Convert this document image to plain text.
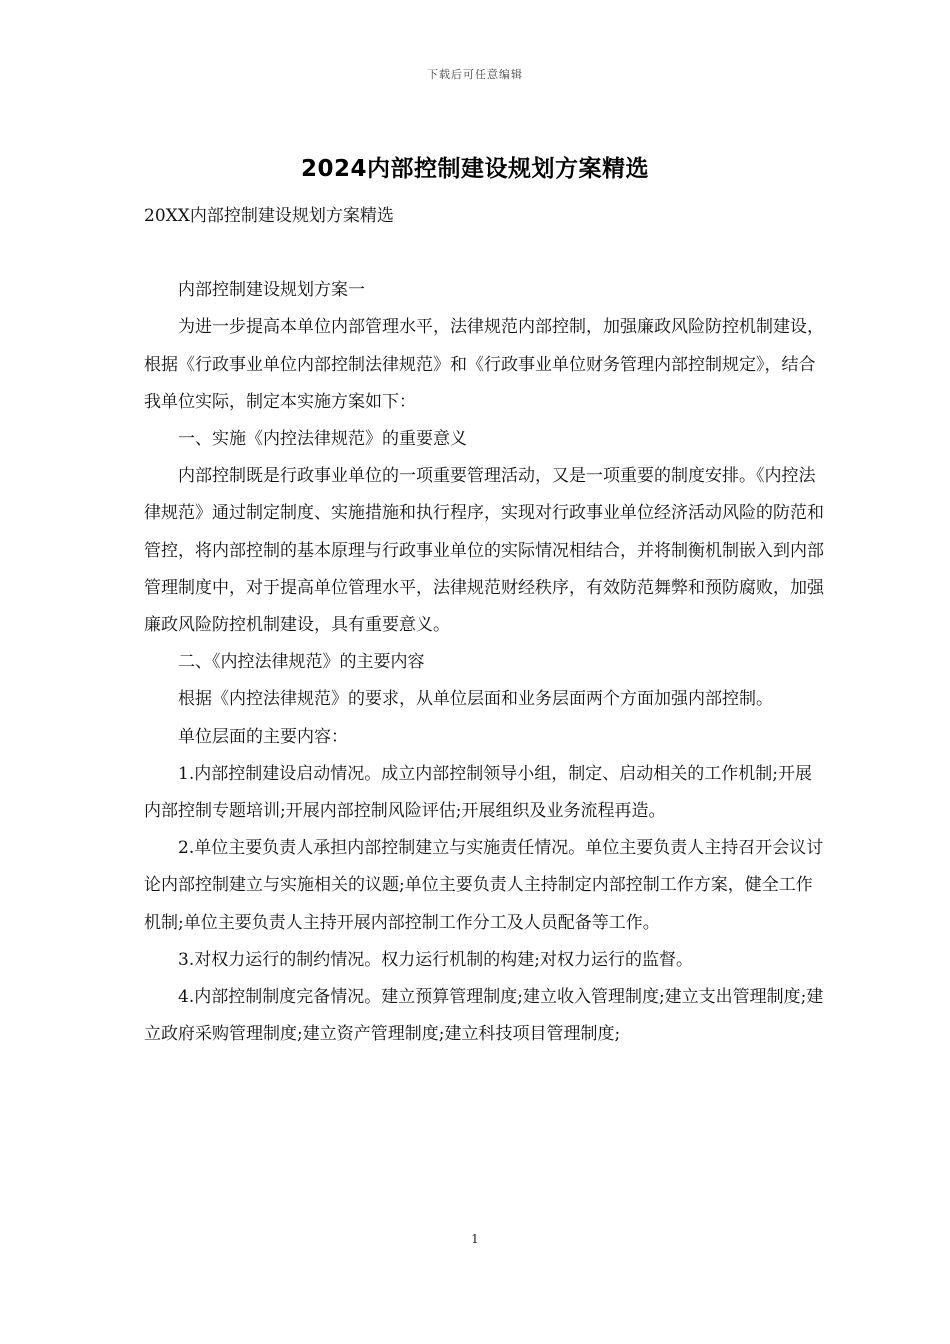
下载后可任意编辑
2024内部控制建设规划方案精选

20XX内部控制建设规划方案精选

内部控制建设规划方案一

为进一步提高本单位内部管理水平，法律规范内部控制，加强廉政风险防控机制建设，根据《行政事业单位内部控制法律规范》和《行政事业单位财务管理内部控制规定》，结合我单位实际，制定本实施方案如下：

一、实施《内控法律规范》的重要意义

内部控制既是行政事业单位的一项重要管理活动，又是一项重要的制度安排。《内控法律规范》通过制定制度、实施措施和执行程序，实现对行政事业单位经济活动风险的防范和管控，将内部控制的基本原理与行政事业单位的实际情况相结合，并将制衡机制嵌入到内部管理制度中，对于提高单位管理水平，法律规范财经秩序，有效防范舞弊和预防腐败，加强廉政风险防控机制建设，具有重要意义。

二、《内控法律规范》的主要内容

根据《内控法律规范》的要求，从单位层面和业务层面两个方面加强内部控制。

单位层面的主要内容：

1.内部控制建设启动情况。成立内部控制领导小组，制定、启动相关的工作机制;开展内部控制专题培训;开展内部控制风险评估;开展组织及业务流程再造。

2.单位主要负责人承担内部控制建立与实施责任情况。单位主要负责人主持召开会议讨论内部控制建立与实施相关的议题;单位主要负责人主持制定内部控制工作方案，健全工作机制;单位主要负责人主持开展内部控制工作分工及人员配备等工作。

3.对权力运行的制约情况。权力运行机制的构建;对权力运行的监督。

4.内部控制制度完备情况。建立预算管理制度;建立收入管理制度;建立支出管理制度;建立政府采购管理制度;建立资产管理制度;建立科技项目管理制度;

1
